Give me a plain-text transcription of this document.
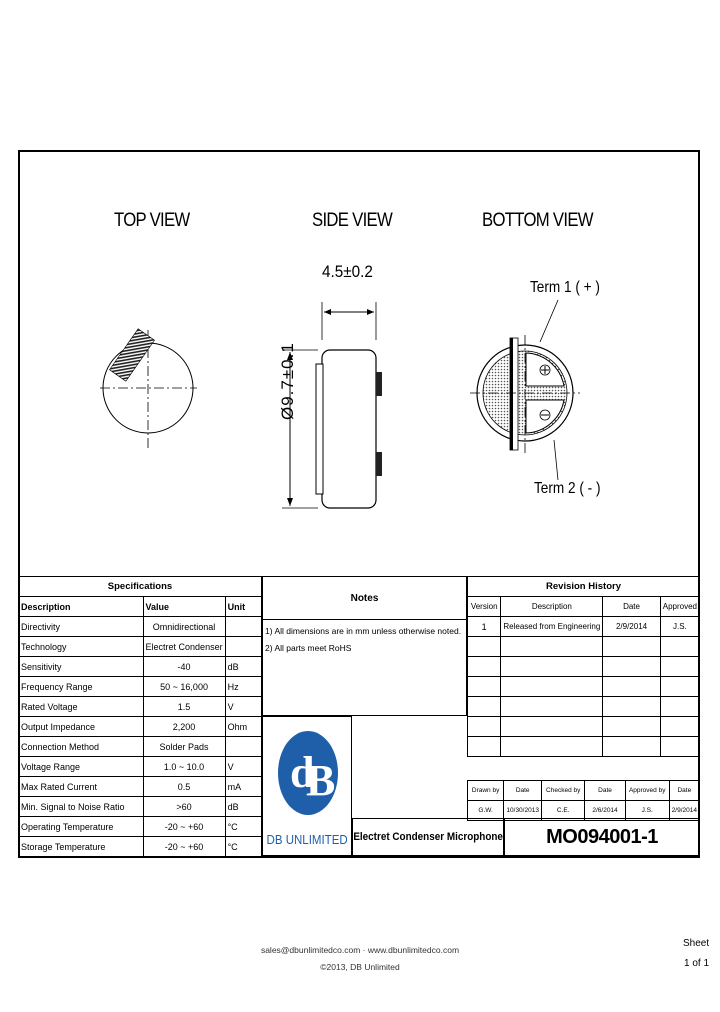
TOP VIEW	SIDE VIEW	BOTTOM VIEW
4.5±0.2
Ø9.7±0.1
Term 1 ( + )
Term 2 ( - )
Specifications		
Description	Value	Unit
Directivity	Omnidirectional	
Technology	Electret Condenser	
Sensitivity	-40	dB
Frequency Range	50 ~ 16,000	Hz
Rated Voltage	1.5	V
Output Impedance	2,200	Ohm
Connection Method	Solder Pads	
Voltage Range	1.0 ~ 10.0	V
Max Rated Current	0.5	mA
Min. Signal to Noise Ratio	>60	dB
Operating Temperature	-20 ~ +60	°C
Storage Temperature	-20 ~ +60	°C
Notes
1) All dimensions are in mm unless otherwise noted.
2) All parts meet RoHS
Revision History			
Version	Description	Date	Approved
1	Released from Engineering	2/9/2014	J.S.

Drawn by	Date	Checked by	Date	Approved by	Date
G.W.	10/30/2013	C.E.	2/6/2014	J.S.	2/9/2014
d
B
DB UNLIMITED Electret Condenser Microphone MO094001-1
sales@dbunlimitedco.com · www.dbunlimitedco.com
©2013, DB Unlimited
Sheet
1 of 1
